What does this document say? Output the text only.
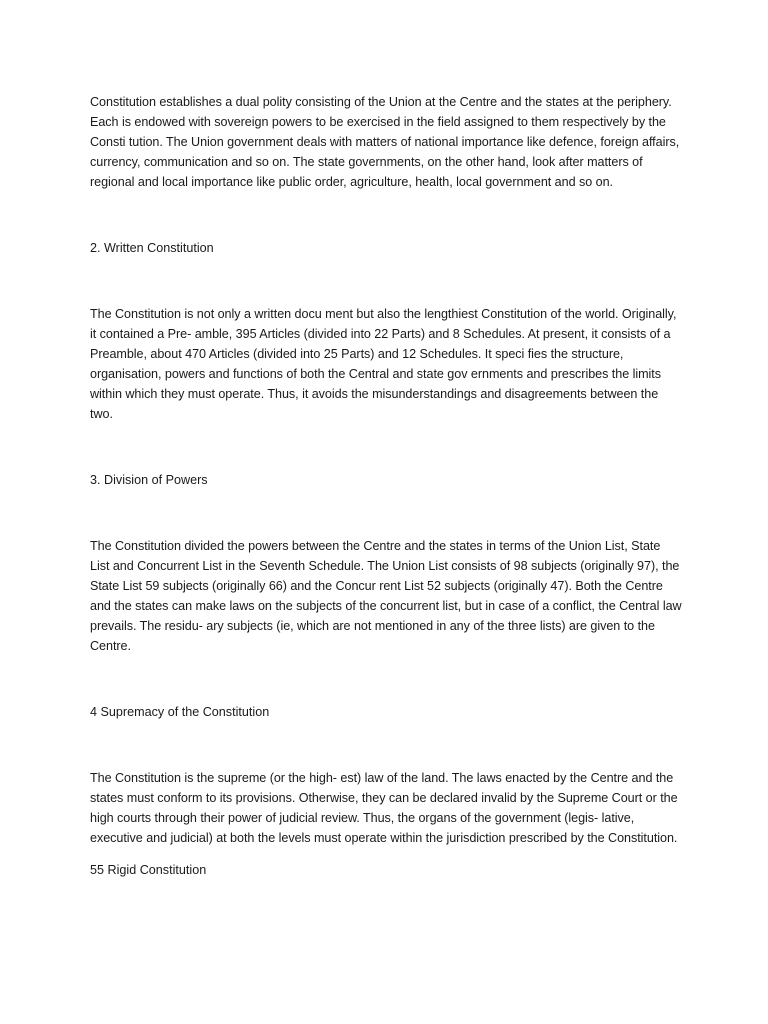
Constitution establishes a dual polity consisting of the Union at the Centre and the states at the periphery. Each is endowed with sovereign powers to be exercised in the field assigned to them respectively by the Consti tution. The Union government deals with matters of national importance like defence, foreign affairs, currency, communication and so on. The state governments, on the other hand, look after matters of regional and local importance like public order, agriculture, health, local government and so on.

2. Written Constitution

The Constitution is not only a written docu ment but also the lengthiest Constitution of the world. Originally, it contained a Pre- amble, 395 Articles (divided into 22 Parts) and 8 Schedules. At present, it consists of a Preamble, about 470 Articles (divided into 25 Parts) and 12 Schedules. It speci fies the structure, organisation, powers and functions of both the Central and state gov ernments and prescribes the limits within which they must operate. Thus, it avoids the misunderstandings and disagreements between the two.

3. Division of Powers

The Constitution divided the powers between the Centre and the states in terms of the Union List, State List and Concurrent List in the Seventh Schedule. The Union List consists of 98 subjects (originally 97), the State List 59 subjects (originally 66) and the Concur rent List 52 subjects (originally 47). Both the Centre and the states can make laws on the subjects of the concurrent list, but in case of a conflict, the Central law prevails. The residu- ary subjects (ie, which are not mentioned in any of the three lists) are given to the Centre.

4 Supremacy of the Constitution

The Constitution is the supreme (or the high- est) law of the land. The laws enacted by the Centre and the states must conform to its provisions. Otherwise, they can be declared invalid by the Supreme Court or the high courts through their power of judicial review. Thus, the organs of the government (legis- lative, executive and judicial) at both the levels must operate within the jurisdiction prescribed by the Constitution.

55 Rigid Constitution
